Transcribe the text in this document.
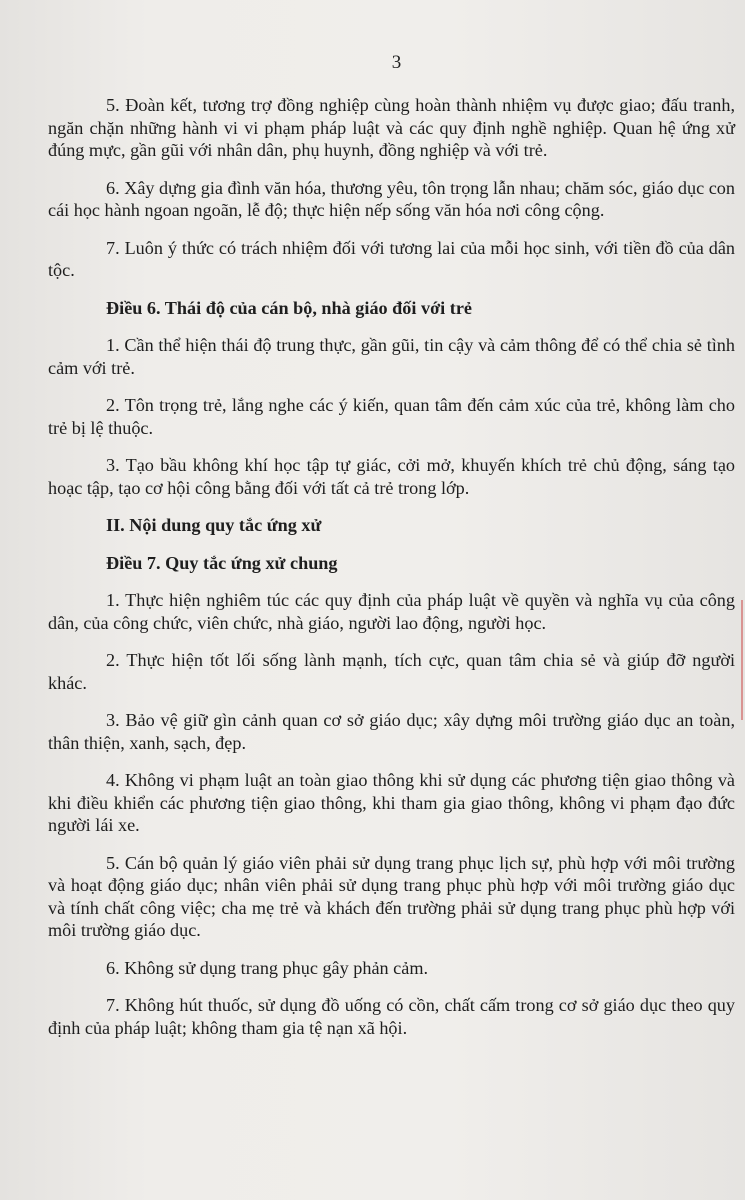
3

5. Đoàn kết, tương trợ đồng nghiệp cùng hoàn thành nhiệm vụ được giao; đấu tranh, ngăn chặn những hành vi vi phạm pháp luật và các quy định nghề nghiệp. Quan hệ ứng xử đúng mực, gần gũi với nhân dân, phụ huynh, đồng nghiệp và với trẻ.

6. Xây dựng gia đình văn hóa, thương yêu, tôn trọng lẫn nhau; chăm sóc, giáo dục con cái học hành ngoan ngoãn, lễ độ; thực hiện nếp sống văn hóa nơi công cộng.

7. Luôn ý thức có trách nhiệm đối với tương lai của mỗi học sinh, với tiền đồ của dân tộc.

Điều 6. Thái độ của cán bộ, nhà giáo đối với trẻ

1. Cần thể hiện thái độ trung thực, gần gũi, tin cậy và cảm thông để có thể chia sẻ tình cảm với trẻ.

2. Tôn trọng trẻ, lắng nghe các ý kiến, quan tâm đến cảm xúc của trẻ, không làm cho trẻ bị lệ thuộc.

3. Tạo bầu không khí học tập tự giác, cởi mở, khuyến khích trẻ chủ động, sáng tạo hoạc tập, tạo cơ hội công bằng đối với tất cả trẻ trong lớp.

II. Nội dung quy tắc ứng xử
Điều 7. Quy tắc ứng xử chung

1. Thực hiện nghiêm túc các quy định của pháp luật về quyền và nghĩa vụ của công dân, của công chức, viên chức, nhà giáo, người lao động, người học.

2. Thực hiện tốt lối sống lành mạnh, tích cực, quan tâm chia sẻ và giúp đỡ người khác.

3. Bảo vệ giữ gìn cảnh quan cơ sở giáo dục; xây dựng môi trường giáo dục an toàn, thân thiện, xanh, sạch, đẹp.

4. Không vi phạm luật an toàn giao thông khi sử dụng các phương tiện giao thông và khi điều khiển các phương tiện giao thông, khi tham gia giao thông, không vi phạm đạo đức người lái xe.

5. Cán bộ quản lý giáo viên phải sử dụng trang phục lịch sự, phù hợp với môi trường và hoạt động giáo dục; nhân viên phải sử dụng trang phục phù hợp với môi trường giáo dục và tính chất công việc; cha mẹ trẻ và khách đến trường phải sử dụng trang phục phù hợp với môi trường giáo dục.

6. Không sử dụng trang phục gây phản cảm.

7. Không hút thuốc, sử dụng đồ uống có cồn, chất cấm trong cơ sở giáo dục theo quy định của pháp luật; không tham gia tệ nạn xã hội.
